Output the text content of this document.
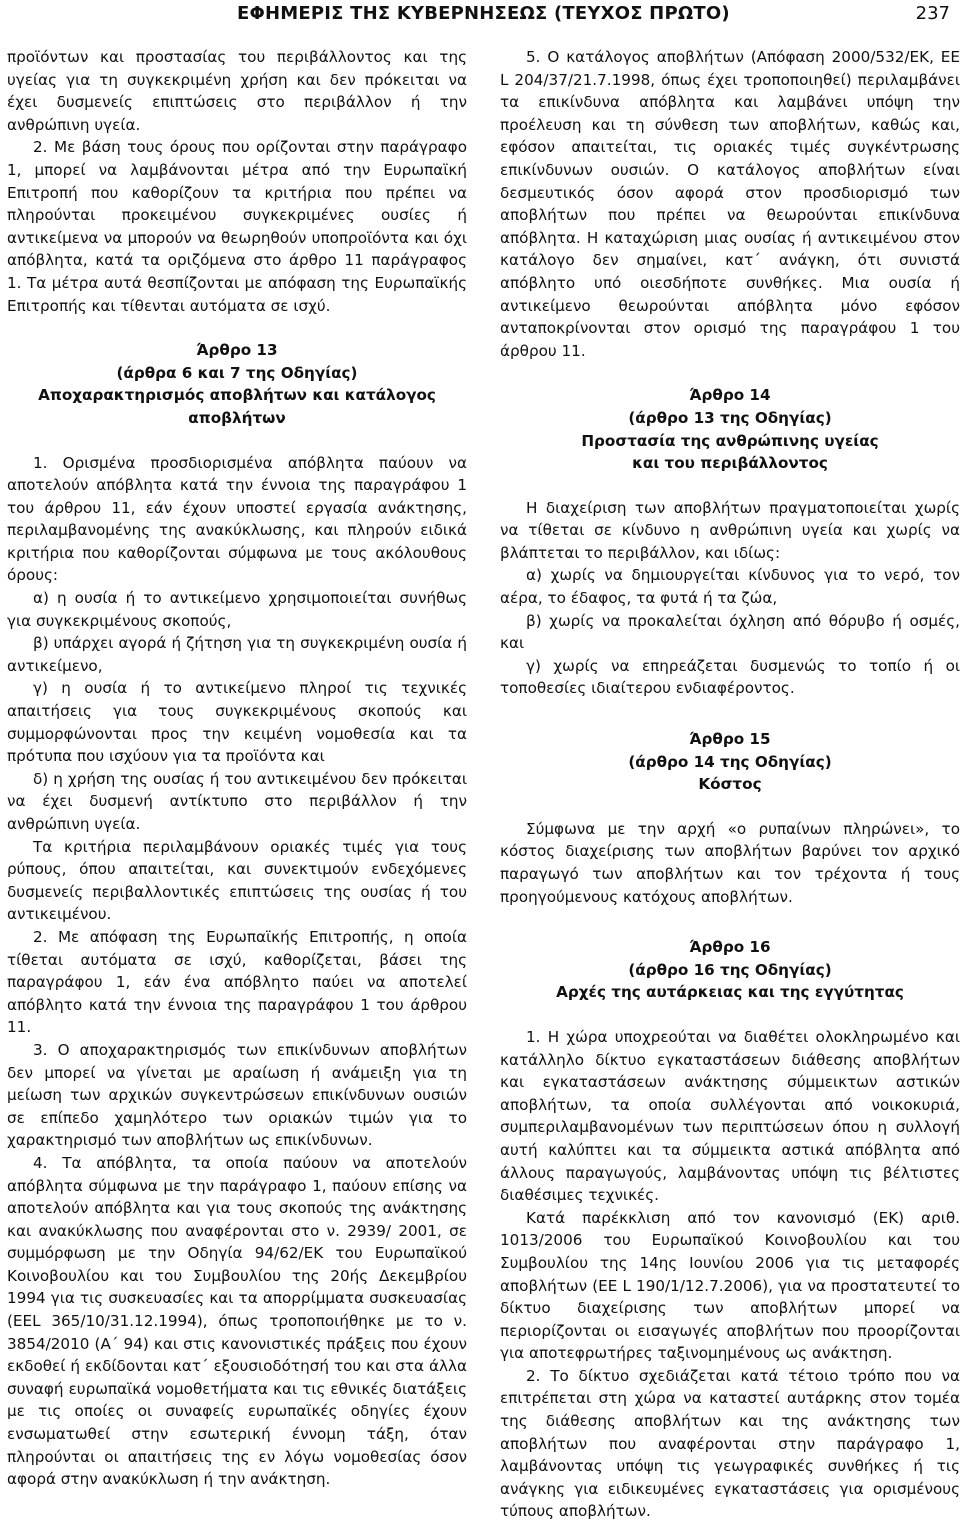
ΕΦΗΜΕΡΙΣ ΤΗΣ ΚΥΒΕΡΝΗΣΕΩΣ (ΤΕΥΧΟΣ ΠΡΩΤΟ)	237

προϊόντων και προστασίας του περιβάλλοντος και της υγείας για τη συγκεκριμένη χρήση και δεν πρόκειται να έχει δυσμενείς επιπτώσεις στο περιβάλλον ή την ανθρώπινη υγεία.

2. Με βάση τους όρους που ορίζονται στην παράγραφο 1, μπορεί να λαμβάνονται μέτρα από την Ευρωπαϊκή Επιτροπή που καθορίζουν τα κριτήρια που πρέπει να πληρούνται προκειμένου συγκεκριμένες ουσίες ή αντικείμενα να μπορούν να θεωρηθούν υποπροϊόντα και όχι απόβλητα, κατά τα οριζόμενα στο άρθρο 11 παράγραφος 1. Τα μέτρα αυτά θεσπίζονται με απόφαση της Ευρωπαϊκής Επιτροπής και τίθενται αυτόματα σε ισχύ.

Άρθρο 13

(άρθρα 6 και 7 της Οδηγίας)

Αποχαρακτηρισμός αποβλήτων και κατάλογος

αποβλήτων

1. Ορισμένα προσδιορισμένα απόβλητα παύουν να αποτελούν απόβλητα κατά την έννοια της παραγράφου 1 του άρθρου 11, εάν έχουν υποστεί εργασία ανάκτησης, περιλαμβανομένης της ανακύκλωσης, και πληρούν ειδικά κριτήρια που καθορίζονται σύμφωνα με τους ακόλουθους όρους:

α) η ουσία ή το αντικείμενο χρησιμοποιείται συνήθως για συγκεκριμένους σκοπούς,

β) υπάρχει αγορά ή ζήτηση για τη συγκεκριμένη ουσία ή αντικείμενο,

γ) η ουσία ή το αντικείμενο πληροί τις τεχνικές απαιτήσεις για τους συγκεκριμένους σκοπούς και συμμορφώνονται προς την κειμένη νομοθεσία και τα πρότυπα που ισχύουν για τα προϊόντα και

δ) η χρήση της ουσίας ή του αντικειμένου δεν πρόκειται να έχει δυσμενή αντίκτυπο στο περιβάλλον ή την ανθρώπινη υγεία.

Τα κριτήρια περιλαμβάνουν οριακές τιμές για τους ρύπους, όπου απαιτείται, και συνεκτιμούν ενδεχόμενες δυσμενείς περιβαλλοντικές επιπτώσεις της ουσίας ή του αντικειμένου.

2. Με απόφαση της Ευρωπαϊκής Επιτροπής, η οποία τίθεται αυτόματα σε ισχύ, καθορίζεται, βάσει της παραγράφου 1, εάν ένα απόβλητο παύει να αποτελεί απόβλητο κατά την έννοια της παραγράφου 1 του άρθρου 11.

3. Ο αποχαρακτηρισμός των επικίνδυνων αποβλήτων δεν μπορεί να γίνεται με αραίωση ή ανάμειξη για τη μείωση των αρχικών συγκεντρώσεων επικίνδυνων ουσιών σε επίπεδο χαμηλότερο των οριακών τιμών για το χαρακτηρισμό των αποβλήτων ως επικίνδυνων.

4. Τα απόβλητα, τα οποία παύουν να αποτελούν απόβλητα σύμφωνα με την παράγραφο 1, παύουν επίσης να αποτελούν απόβλητα και για τους σκοπούς της ανάκτησης και ανακύκλωσης που αναφέρονται στο ν. 2939/ 2001, σε συμμόρφωση με την Οδηγία 94/62/ΕΚ του Ευρωπαϊκού Κοινοβουλίου και του Συμβουλίου της 20ής Δεκεμβρίου 1994 για τις συσκευασίες και τα απορρίμματα συσκευασίας (ΕΕL 365/10/31.12.1994), όπως τροποποιήθηκε με το ν. 3854/2010 (Α΄ 94) και στις κανονιστικές πράξεις που έχουν εκδοθεί ή εκδίδονται κατ΄ εξουσιοδότησή του και στα άλλα συναφή ευρωπαϊκά νομοθετήματα και τις εθνικές διατάξεις με τις οποίες οι συναφείς ευρωπαϊκές οδηγίες έχουν ενσωματωθεί στην εσωτερική έννομη τάξη, όταν πληρούνται οι απαιτήσεις της εν λόγω νομοθεσίας όσον αφορά στην ανακύκλωση ή την ανάκτηση.

5. Ο κατάλογος αποβλήτων (Απόφαση 2000/532/ΕΚ, ΕΕ L 204/37/21.7.1998, όπως έχει τροποποιηθεί) περιλαμβάνει τα επικίνδυνα απόβλητα και λαμβάνει υπόψη την προέλευση και τη σύνθεση των αποβλήτων, καθώς και, εφόσον απαιτείται, τις οριακές τιμές συγκέντρωσης επικίνδυνων ουσιών. Ο κατάλογος αποβλήτων είναι δεσμευτικός όσον αφορά στον προσδιορισμό των αποβλήτων που πρέπει να θεωρούνται επικίνδυνα απόβλητα. Η καταχώριση μιας ουσίας ή αντικειμένου στον κατάλογο δεν σημαίνει, κατ΄ ανάγκη, ότι συνιστά απόβλητο υπό οιεσδήποτε συνθήκες. Μια ουσία ή αντικείμενο θεωρούνται απόβλητα μόνο εφόσον ανταποκρίνονται στον ορισμό της παραγράφου 1 του άρθρου 11.

Άρθρο 14

(άρθρο 13 της Οδηγίας)

Προστασία της ανθρώπινης υγείας

και του περιβάλλοντος

Η διαχείριση των αποβλήτων πραγματοποιείται χωρίς να τίθεται σε κίνδυνο η ανθρώπινη υγεία και χωρίς να βλάπτεται το περιβάλλον, και ιδίως:

α) χωρίς να δημιουργείται κίνδυνος για το νερό, τον αέρα, το έδαφος, τα φυτά ή τα ζώα,

β) χωρίς να προκαλείται όχληση από θόρυβο ή οσμές, και

γ) χωρίς να επηρεάζεται δυσμενώς το τοπίο ή οι τοποθεσίες ιδιαίτερου ενδιαφέροντος.

Άρθρο 15

(άρθρο 14 της Οδηγίας)

Κόστος

Σύμφωνα με την αρχή «ο ρυπαίνων πληρώνει», το κόστος διαχείρισης των αποβλήτων βαρύνει τον αρχικό παραγωγό των αποβλήτων και τον τρέχοντα ή τους προηγούμενους κατόχους αποβλήτων.

Άρθρο 16

(άρθρο 16 της Οδηγίας)

Αρχές της αυτάρκειας και της εγγύτητας

1. Η χώρα υποχρεούται να διαθέτει ολοκληρωμένο και κατάλληλο δίκτυο εγκαταστάσεων διάθεσης αποβλήτων και εγκαταστάσεων ανάκτησης σύμμεικτων αστικών αποβλήτων, τα οποία συλλέγονται από νοικοκυριά, συμπεριλαμβανομένων των περιπτώσεων όπου η συλλογή αυτή καλύπτει και τα σύμμεικτα αστικά απόβλητα από άλλους παραγωγούς, λαμβάνοντας υπόψη τις βέλτιστες διαθέσιμες τεχνικές.

Κατά παρέκκλιση από τον κανονισμό (ΕΚ) αριθ. 1013/2006 του Ευρωπαϊκού Κοινοβουλίου και του Συμβουλίου της 14ης Ιουνίου 2006 για τις μεταφορές αποβλήτων (ΕΕ L 190/1/12.7.2006), για να προστατευτεί το δίκτυο διαχείρισης των αποβλήτων μπορεί να περιορίζονται οι εισαγωγές αποβλήτων που προορίζονται για αποτεφρωτήρες ταξινομημένους ως ανάκτηση.

2. Το δίκτυο σχεδιάζεται κατά τέτοιο τρόπο που να επιτρέπεται στη χώρα να καταστεί αυτάρκης στον τομέα της διάθεσης αποβλήτων και της ανάκτησης των αποβλήτων που αναφέρονται στην παράγραφο 1, λαμβάνοντας υπόψη τις γεωγραφικές συνθήκες ή τις ανάγκης για ειδικευμένες εγκαταστάσεις για ορισμένους τύπους αποβλήτων.
